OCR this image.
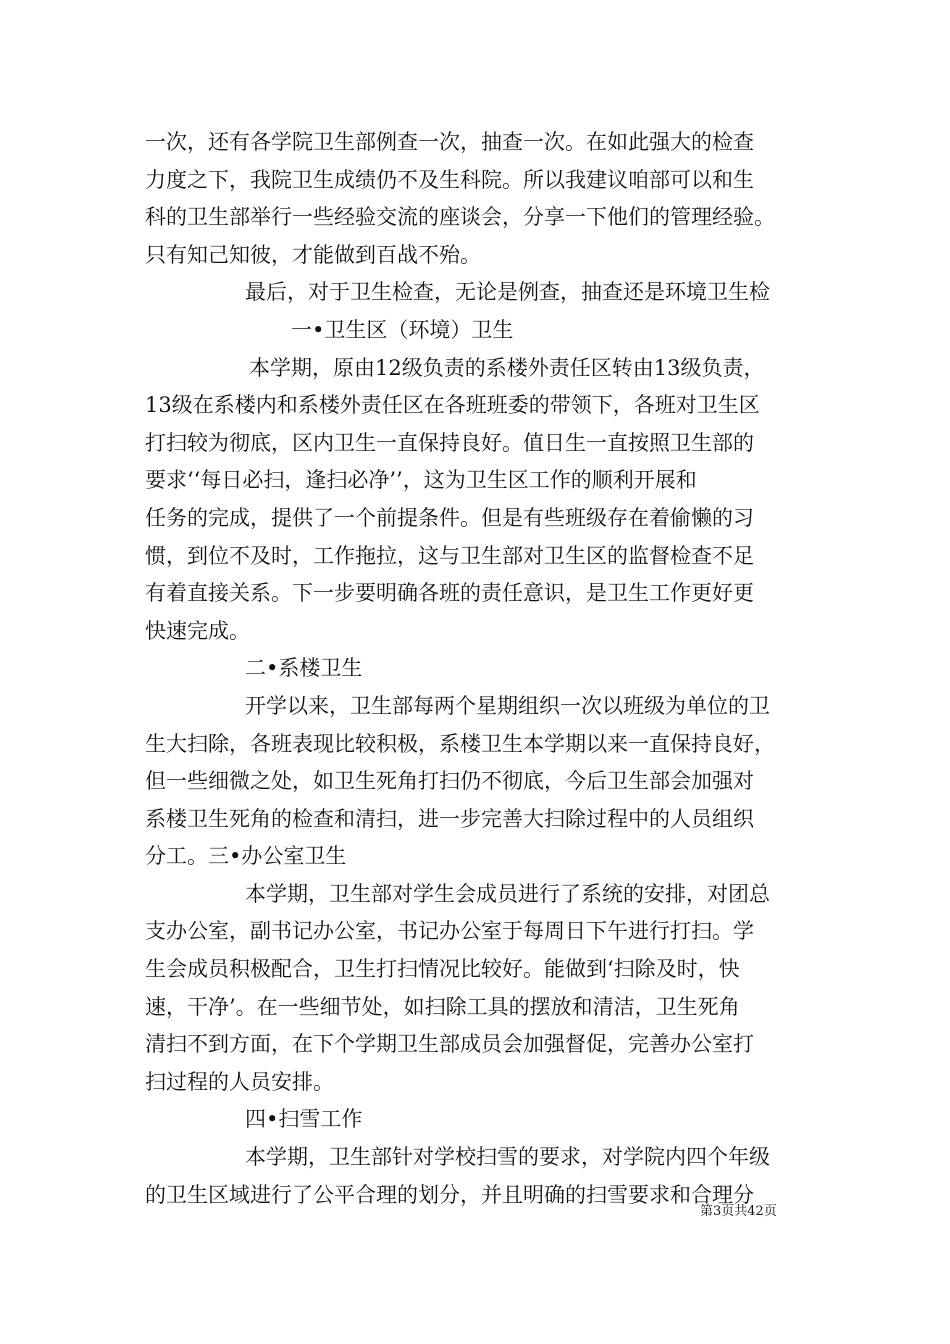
一次，还有各学院卫生部例查一次，抽查一次。在如此强大的检查
力度之下，我院卫生成绩仍不及生科院。所以我建议咱部可以和生
科的卫生部举行一些经验交流的座谈会，分享一下他们的管理经验。
只有知己知彼，才能做到百战不殆。
最后，对于卫生检查，无论是例查，抽查还是环境卫生检
一•卫生区（环境）卫生
本学期，原由12级负责的系楼外责任区转由13级负责，
13级在系楼内和系楼外责任区在各班班委的带领下，各班对卫生区
打扫较为彻底，区内卫生一直保持良好。值日生一直按照卫生部的
要求‘‘每日必扫，逢扫必净’’，这为卫生区工作的顺利开展和
任务的完成，提供了一个前提条件。但是有些班级存在着偷懒的习
惯，到位不及时，工作拖拉，这与卫生部对卫生区的监督检查不足
有着直接关系。下一步要明确各班的责任意识，是卫生工作更好更
快速完成。
二•系楼卫生
开学以来，卫生部每两个星期组织一次以班级为单位的卫
生大扫除，各班表现比较积极，系楼卫生本学期以来一直保持良好，
但一些细微之处，如卫生死角打扫仍不彻底，今后卫生部会加强对
系楼卫生死角的检查和清扫，进一步完善大扫除过程中的人员组织
分工。三•办公室卫生
本学期，卫生部对学生会成员进行了系统的安排，对团总
支办公室，副书记办公室，书记办公室于每周日下午进行打扫。学
生会成员积极配合，卫生打扫情况比较好。能做到‘扫除及时，快
速，干净’。在一些细节处，如扫除工具的摆放和清洁，卫生死角
清扫不到方面，在下个学期卫生部成员会加强督促，完善办公室打
扫过程的人员安排。
四•扫雪工作
本学期，卫生部针对学校扫雪的要求，对学院内四个年级
的卫生区域进行了公平合理的划分，并且明确的扫雪要求和合理分
第3页共42页
